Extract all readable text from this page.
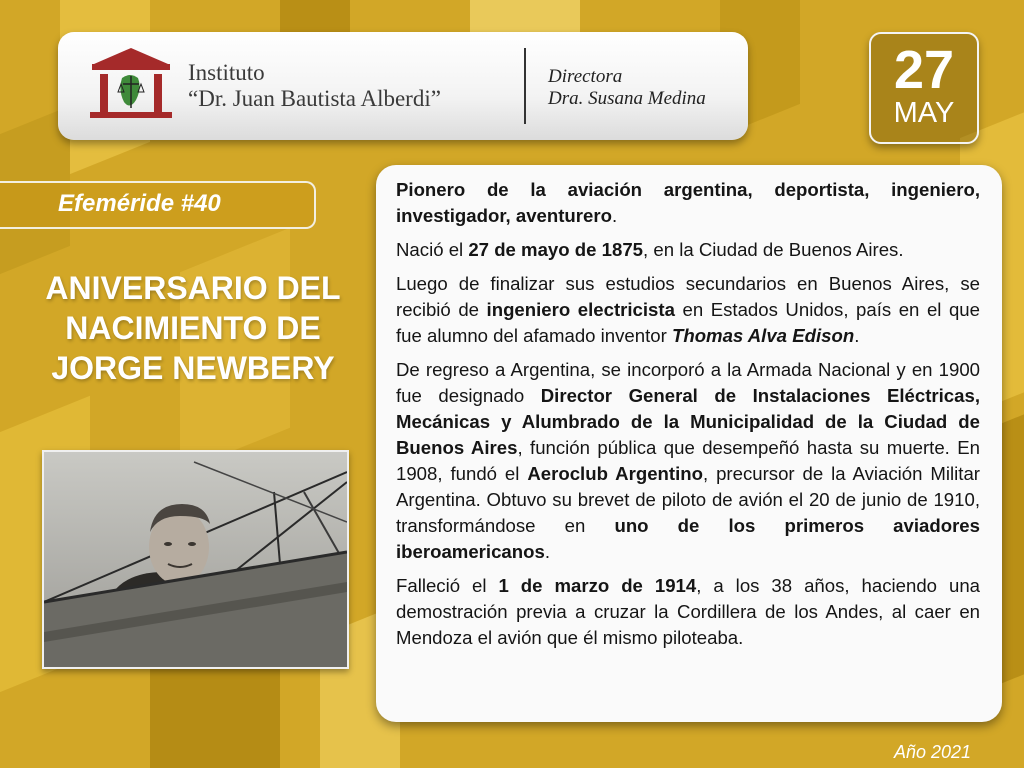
Instituto
“Dr. Juan Bautista Alberdi”
Directora
Dra. Susana Medina	27
MAY
Efeméride #40
ANIVERSARIO DEL
NACIMIENTO DE
JORGE NEWBERY

Pionero de la aviación argentina, deportista, ingeniero, investigador, aventurero.

Nació el 27 de mayo de 1875, en la Ciudad de Buenos Aires.

Luego de finalizar sus estudios secundarios en Buenos Aires, se recibió de ingeniero electricista en Estados Unidos, país en el que fue alumno del afamado inventor Thomas Alva Edison.

De regreso a Argentina, se incorporó a la Armada Nacional y en 1900 fue designado Director General de Instalaciones Eléctricas, Mecánicas y Alumbrado de la Municipalidad de la Ciudad de Buenos Aires, función pública que desempeñó hasta su muerte. En 1908, fundó el Aeroclub Argentino, precursor de la Aviación Militar Argentina. Obtuvo su brevet de piloto de avión el 20 de junio de 1910, transformándose en uno de los primeros aviadores iberoamericanos.

Falleció el 1 de marzo de 1914, a los 38 años, haciendo una demostración previa a cruzar la Cordillera de los Andes, al caer en Mendoza el avión que él mismo piloteaba.

Año 2021
